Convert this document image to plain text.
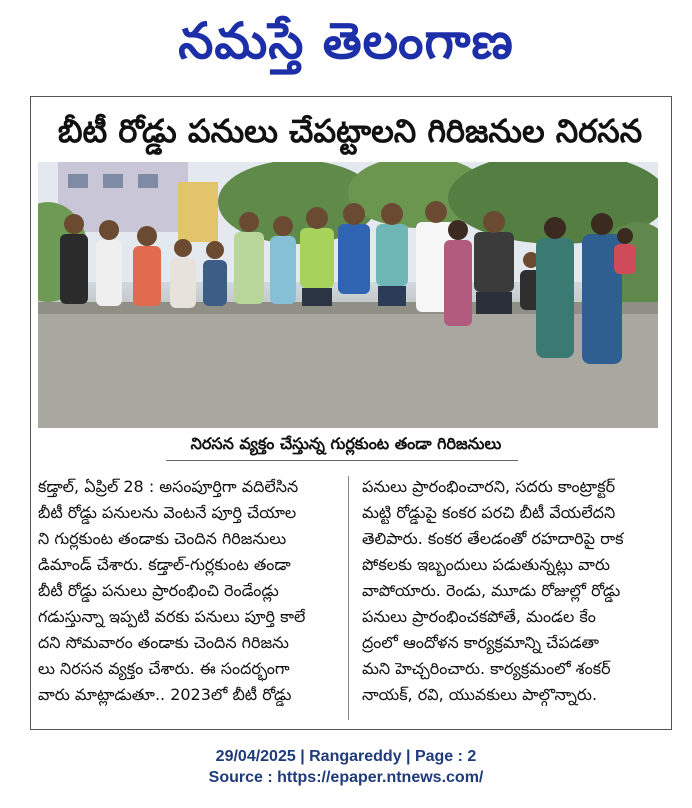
నమస్తే తెలంగాణ
బీటీ రోడ్డు పనులు చేపట్టాలని గిరిజనుల నిరసన
నిరసన వ్యక్తం చేస్తున్న గుర్లకుంట తండా గిరిజనులు
కడ్తాల్, ఏప్రిల్ 28 : అసంపూర్తిగా వదిలేసిన
బీటీ రోడ్డు పనులను వెంటనే పూర్తి చేయాల
ని గుర్లకుంట తండాకు చెందిన గిరిజనులు
డిమాండ్ చేశారు. కడ్తాల్-గుర్లకుంట తండా
బీటీ రోడ్డు పనులు ప్రారంభించి రెండేండ్లు
గడుస్తున్నా ఇప్పటి వరకు పనులు పూర్తి కాలే
దని సోమవారం తండాకు చెందిన గిరిజను
లు నిరసన వ్యక్తం చేశారు. ఈ సందర్భంగా
వారు మాట్లాడుతూ.. 2023లో బీటీ రోడ్డు
పనులు ప్రారంభించారని, సదరు కాంట్రాక్టర్
మట్టి రోడ్డుపై కంకర పరచి బీటీ వేయలేదని
తెలిపారు. కంకర తేలడంతో రహదారిపై రాక
పోకలకు ఇబ్బందులు పడుతున్నట్లు వారు
వాపోయారు. రెండు, మూడు రోజుల్లో రోడ్డు
పనులు ప్రారంభించకపోతే, మండల కేం
ద్రంలో ఆందోళన కార్యక్రమాన్ని చేపడతా
మని హెచ్చరించారు. కార్యక్రమంలో శంకర్
నాయక్, రవి, యువకులు పాల్గొన్నారు.
29/04/2025 | Rangareddy | Page : 2
Source : https://epaper.ntnews.com/
